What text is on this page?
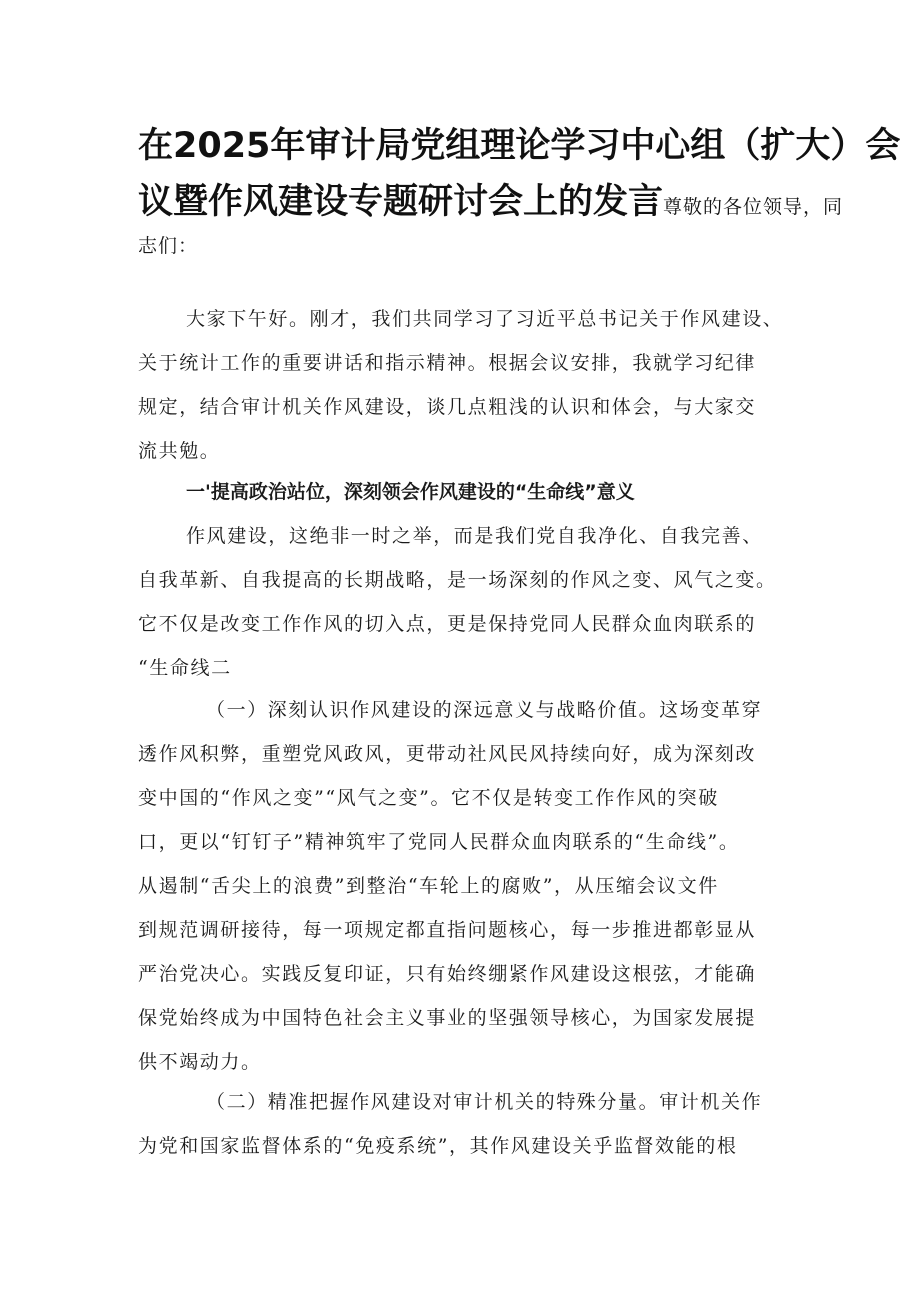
在2025年审计局党组理论学习中心组（扩大）会
议暨作风建设专题研讨会上的发言尊敬的各位领导，同
志们：
大家下午好。刚才，我们共同学习了习近平总书记关于作风建设、
关于统计工作的重要讲话和指示精神。根据会议安排，我就学习纪律
规定，结合审计机关作风建设，谈几点粗浅的认识和体会，与大家交
流共勉。
一'提高政治站位，深刻领会作风建设的“生命线”意义
作风建设，这绝非一时之举，而是我们党自我净化、自我完善、
自我革新、自我提高的长期战略，是一场深刻的作风之变、风气之变。
它不仅是改变工作作风的切入点，更是保持党同人民群众血肉联系的
“生命线二
（一）深刻认识作风建设的深远意义与战略价值。这场变革穿
透作风积弊，重塑党风政风，更带动社风民风持续向好，成为深刻改
变中国的“作风之变”“风气之变”。它不仅是转变工作作风的突破
口，更以“钉钉子”精神筑牢了党同人民群众血肉联系的“生命线”。
从遏制“舌尖上的浪费”到整治“车轮上的腐败”，从压缩会议文件
到规范调研接待，每一项规定都直指问题核心，每一步推进都彰显从
严治党决心。实践反复印证，只有始终绷紧作风建设这根弦，才能确
保党始终成为中国特色社会主义事业的坚强领导核心，为国家发展提
供不竭动力。
（二）精准把握作风建设对审计机关的特殊分量。审计机关作
为党和国家监督体系的“免疫系统”，其作风建设关乎监督效能的根
